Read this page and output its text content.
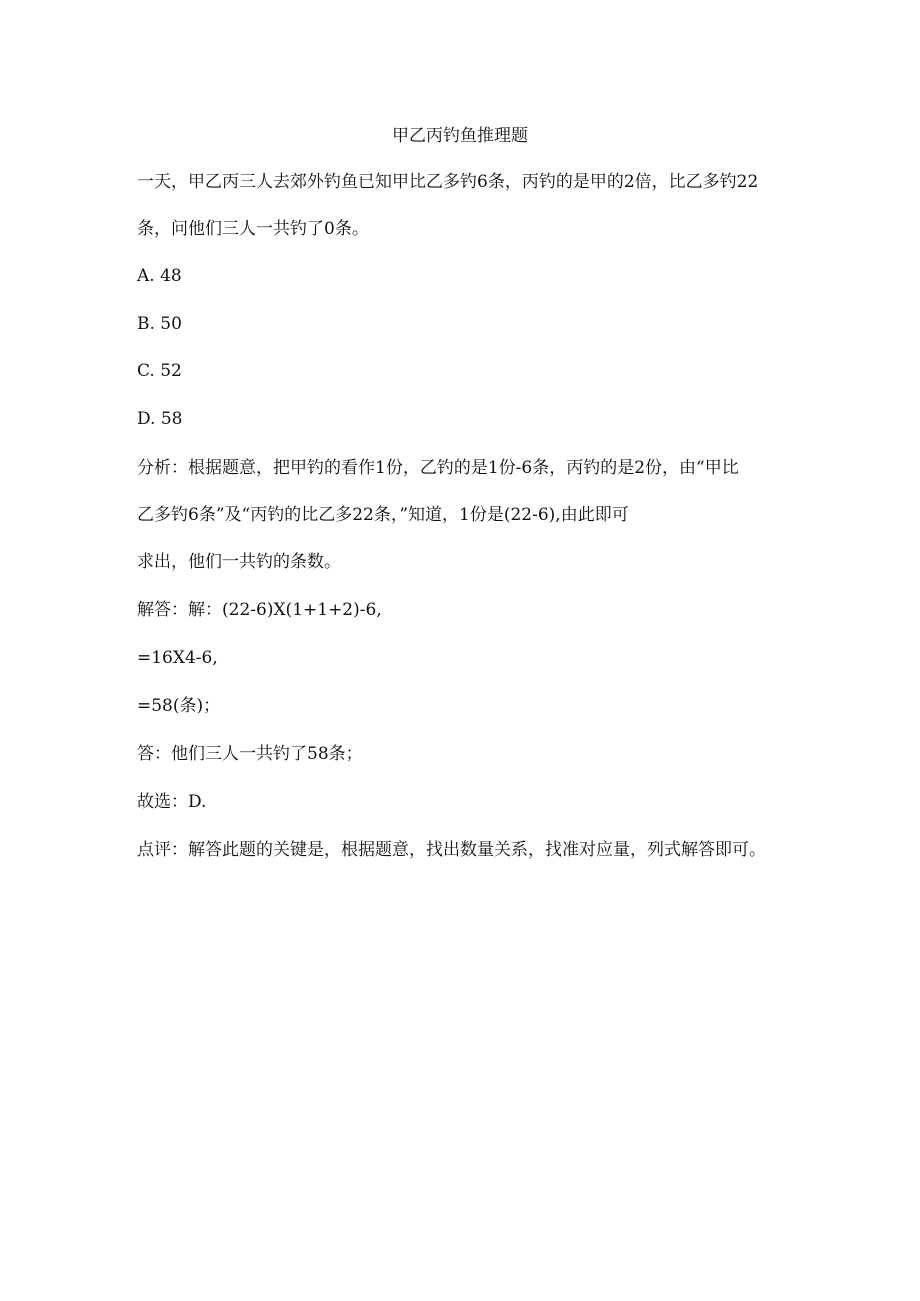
甲乙丙钓鱼推理题
一天，甲乙丙三人去郊外钓鱼已知甲比乙多钓6条，丙钓的是甲的2倍，比乙多钓22
条，问他们三人一共钓了0条。
A. 48
B. 50
C. 52
D. 58
分析：根据题意，把甲钓的看作1份，乙钓的是1份-6条，丙钓的是2份，由“甲比
乙多钓6条”及“丙钓的比乙多22条，”知道，1份是(22-6),由此即可
求出，他们一共钓的条数。
解答：解：(22-6)X(1+1+2)-6,
=16X4-6,
=58(条)；
答：他们三人一共钓了58条；
故选：D.
点评：解答此题的关键是，根据题意，找出数量关系，找准对应量，列式解答即可。
